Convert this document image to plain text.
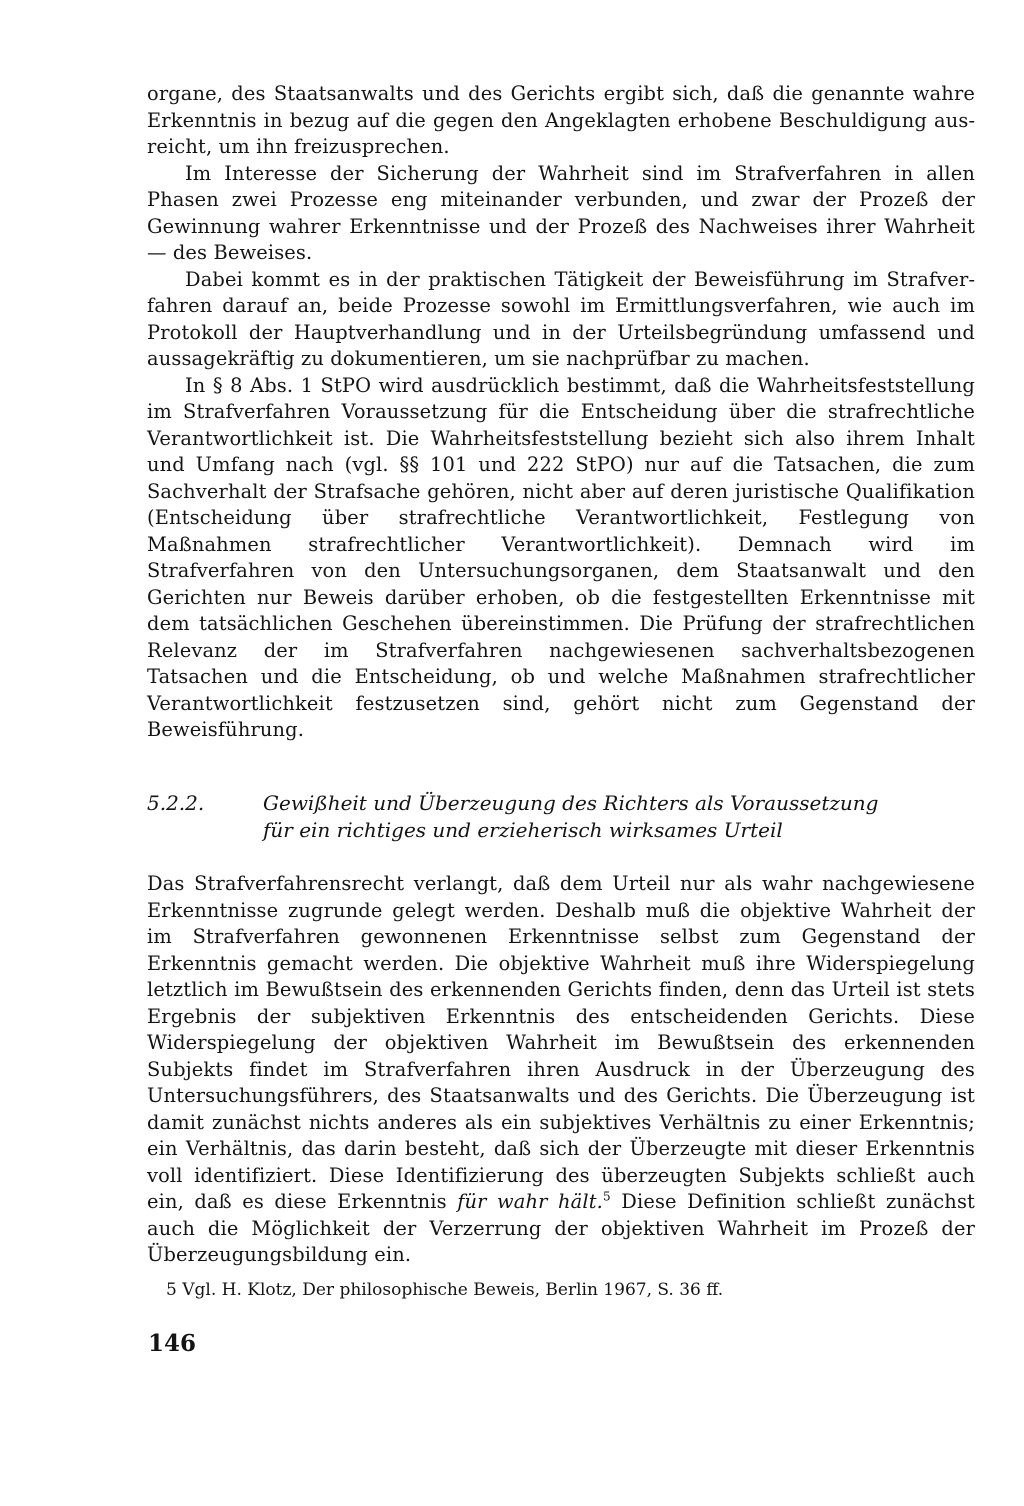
organe, des Staatsanwalts und des Gerichts ergibt sich, daß die genannte wahre Erkenntnis in bezug auf die gegen den Angeklagten erhobene Beschuldigung ausreicht, um ihn freizusprechen.

Im Interesse der Sicherung der Wahrheit sind im Strafverfahren in allen Phasen zwei Prozesse eng miteinander verbunden, und zwar der Prozeß der Gewinnung wahrer Erkenntnisse und der Prozeß des Nachweises ihrer Wahrheit — des Beweises.

Dabei kommt es in der praktischen Tätigkeit der Beweisführung im Strafverfahren darauf an, beide Prozesse sowohl im Ermittlungsverfahren, wie auch im Protokoll der Hauptverhandlung und in der Urteilsbegründung umfassend und aussagekräftig zu dokumentieren, um sie nachprüfbar zu machen.

In § 8 Abs. 1 StPO wird ausdrücklich bestimmt, daß die Wahrheitsfeststellung im Strafverfahren Voraussetzung für die Entscheidung über die strafrechtliche Verantwortlichkeit ist. Die Wahrheitsfeststellung bezieht sich also ihrem Inhalt und Umfang nach (vgl. §§ 101 und 222 StPO) nur auf die Tatsachen, die zum Sachverhalt der Strafsache gehören, nicht aber auf deren juristische Qualifikation (Entscheidung über strafrechtliche Verantwortlichkeit, Festlegung von Maßnahmen strafrechtlicher Verantwortlichkeit). Demnach wird im Strafverfahren von den Untersuchungsorganen, dem Staatsanwalt und den Gerichten nur Beweis darüber erhoben, ob die festgestellten Erkenntnisse mit dem tatsächlichen Geschehen übereinstimmen. Die Prüfung der strafrechtlichen Relevanz der im Strafverfahren nachgewiesenen sachverhaltsbezogenen Tatsachen und die Entscheidung, ob und welche Maßnahmen strafrechtlicher Verantwortlichkeit festzusetzen sind, gehört nicht zum Gegenstand der Beweisführung.

5.2.2.	Gewißheit und Überzeugung des Richters als Voraussetzung
für ein richtiges und erzieherisch wirksames Urteil

Das Strafverfahrensrecht verlangt, daß dem Urteil nur als wahr nachgewiesene Erkenntnisse zugrunde gelegt werden. Deshalb muß die objektive Wahrheit der im Strafverfahren gewonnenen Erkenntnisse selbst zum Gegenstand der Erkenntnis gemacht werden. Die objektive Wahrheit muß ihre Widerspiegelung letztlich im Bewußtsein des erkennenden Gerichts finden, denn das Urteil ist stets Ergebnis der subjektiven Erkenntnis des entscheidenden Gerichts. Diese Widerspiegelung der objektiven Wahrheit im Bewußtsein des erkennenden Subjekts findet im Strafverfahren ihren Ausdruck in der Überzeugung des Untersuchungsführers, des Staatsanwalts und des Gerichts. Die Überzeugung ist damit zunächst nichts anderes als ein subjektives Verhältnis zu einer Erkenntnis; ein Verhältnis, das darin besteht, daß sich der Überzeugte mit dieser Erkenntnis voll identifiziert. Diese Identifizierung des überzeugten Subjekts schließt auch ein, daß es diese Erkenntnis für wahr hält.$^5$ Diese Definition schließt zunächst auch die Möglichkeit der Verzerrung der objektiven Wahrheit im Prozeß der Überzeugungsbildung ein.

5 Vgl. H. Klotz, Der philosophische Beweis, Berlin 1967, S. 36 ff.
146
